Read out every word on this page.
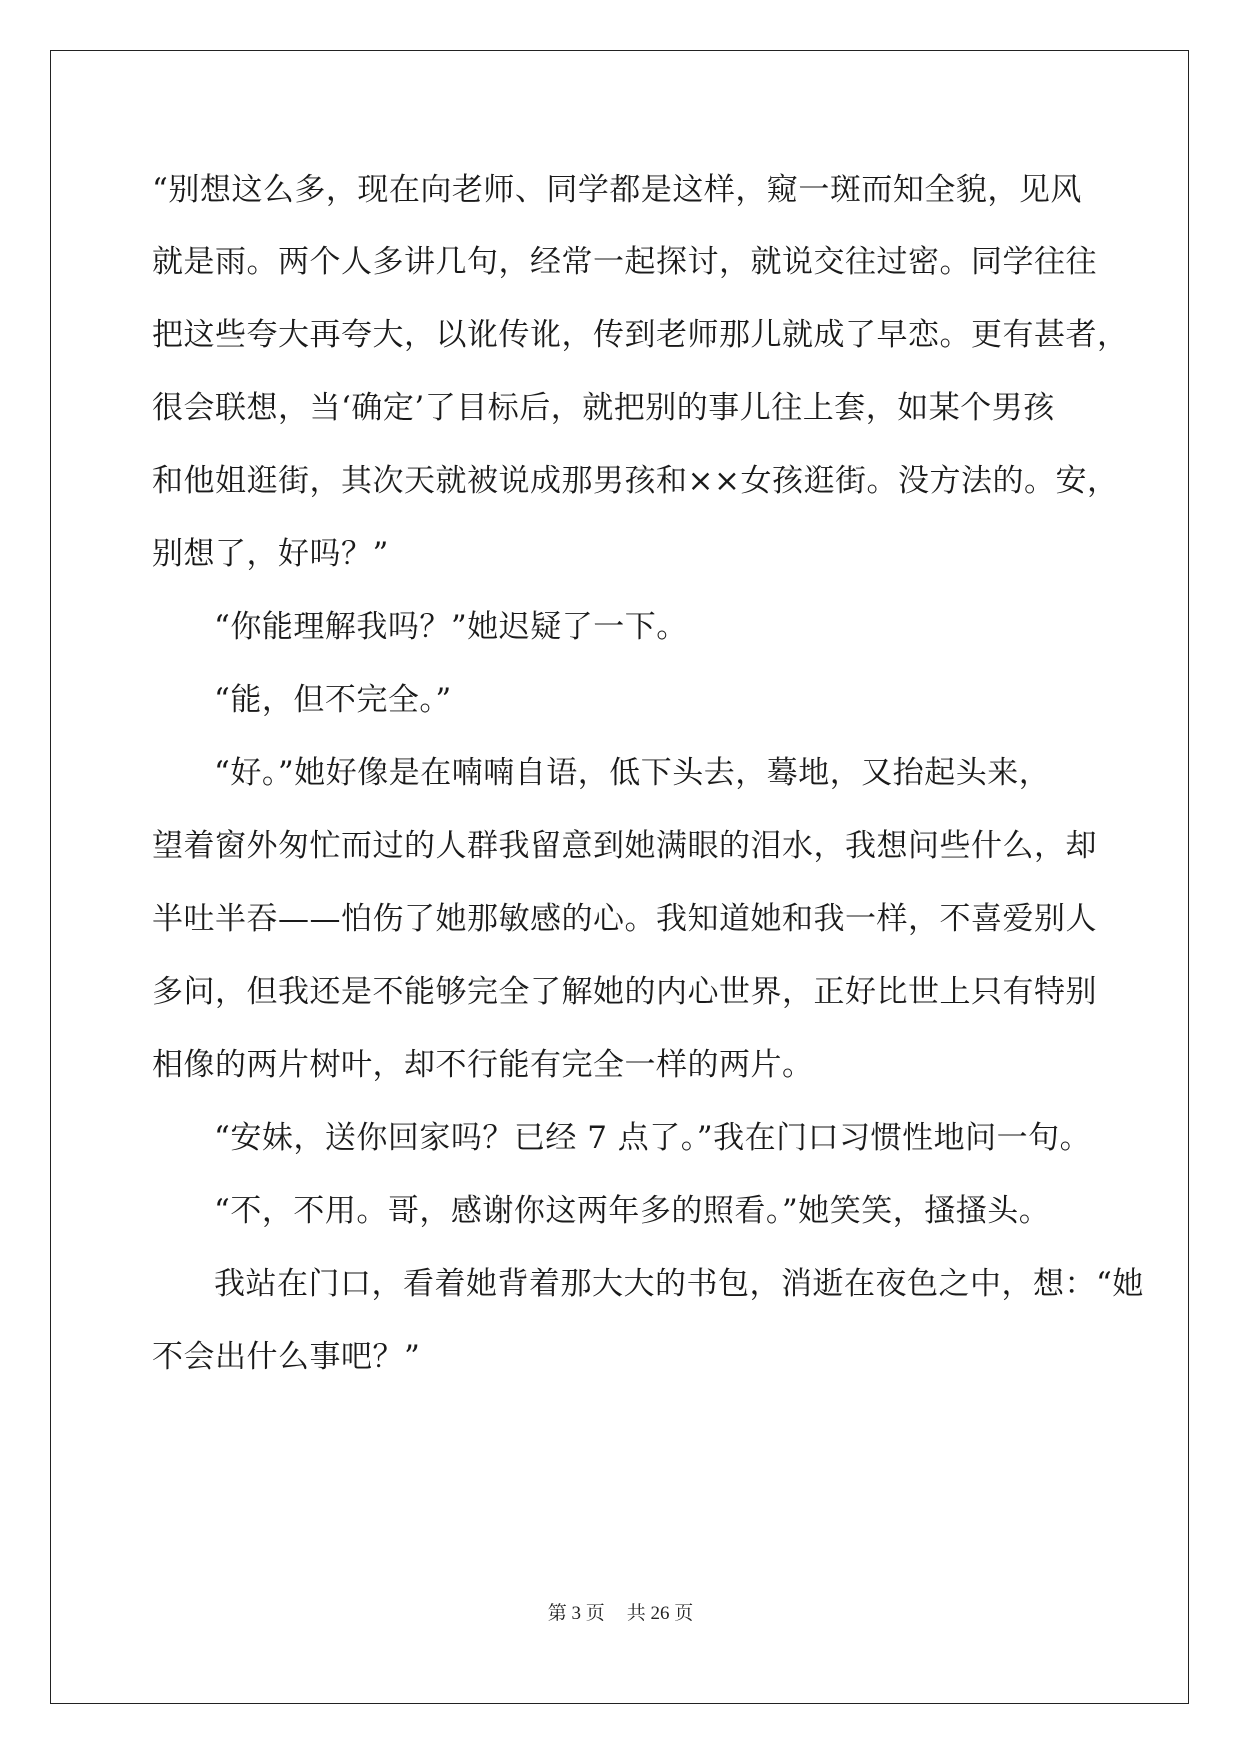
“别想这么多，现在向老师、同学都是这样，窥一斑而知全貌，见风
就是雨。两个人多讲几句，经常一起探讨，就说交往过密。同学往往
把这些夸大再夸大，以讹传讹，传到老师那儿就成了早恋。更有甚者，
很会联想，当‘确定’了目标后，就把别的事儿往上套，如某个男孩
和他姐逛街，其次天就被说成那男孩和××女孩逛街。没方法的。安，
别想了，好吗？”
“你能理解我吗？”她迟疑了一下。
“能，但不完全。”
“好。”她好像是在喃喃自语，低下头去，蓦地，又抬起头来，
望着窗外匆忙而过的人群我留意到她满眼的泪水，我想问些什么，却
半吐半吞——怕伤了她那敏感的心。我知道她和我一样，不喜爱别人
多问，但我还是不能够完全了解她的内心世界，正好比世上只有特别
相像的两片树叶，却不行能有完全一样的两片。
“安妹，送你回家吗？已经 7 点了。”我在门口习惯性地问一句。
“不，不用。哥，感谢你这两年多的照看。”她笑笑，搔搔头。
我站在门口，看着她背着那大大的书包，消逝在夜色之中，想：“她
不会出什么事吧？”
第 3 页 共 26 页
